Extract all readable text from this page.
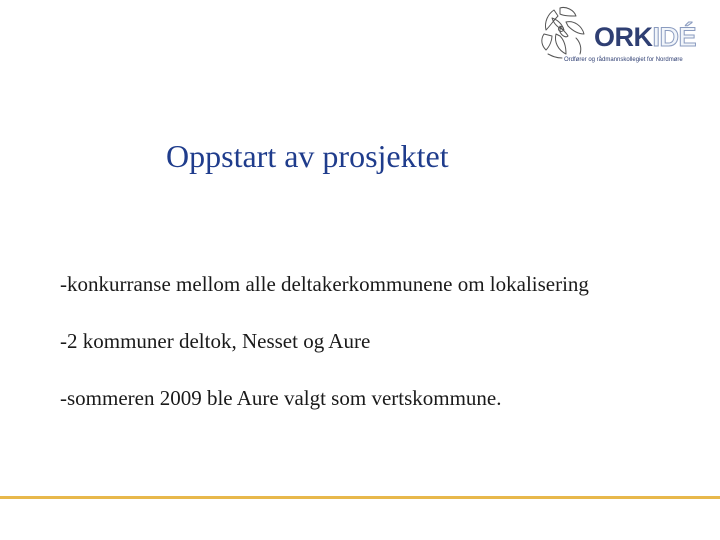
ORKIDÉ
Ordfører og rådmannskollegiet for Nordmøre
Oppstart av prosjektet
-konkurranse mellom alle deltakerkommunene om lokalisering
-2 kommuner deltok, Nesset og Aure
-sommeren 2009 ble Aure valgt som vertskommune.
